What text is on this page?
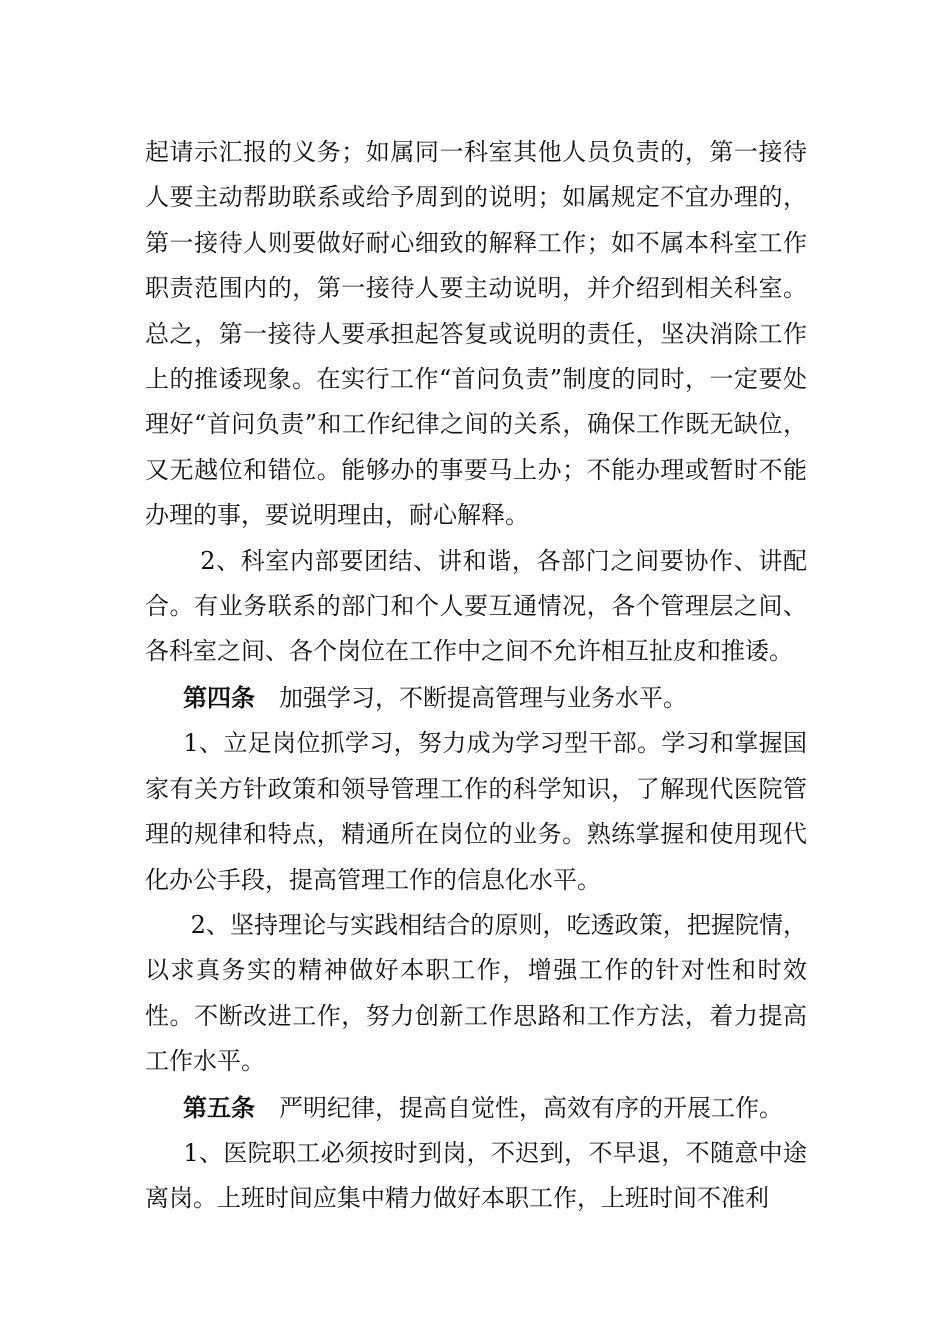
起请示汇报的义务；如属同一科室其他人员负责的，第一接待人要主动帮助联系或给予周到的说明；如属规定不宜办理的，第一接待人则要做好耐心细致的解释工作；如不属本科室工作职责范围内的，第一接待人要主动说明，并介绍到相关科室。总之，第一接待人要承担起答复或说明的责任，坚决消除工作上的推诿现象。在实行工作“首问负责”制度的同时，一定要处理好“首问负责”和工作纪律之间的关系，确保工作既无缺位，又无越位和错位。能够办的事要马上办；不能办理或暂时不能办理的事，要说明理由，耐心解释。

2、科室内部要团结、讲和谐，各部门之间要协作、讲配合。有业务联系的部门和个人要互通情况，各个管理层之间、各科室之间、各个岗位在工作中之间不允许相互扯皮和推诿。

第四条 加强学习，不断提高管理与业务水平。

1、立足岗位抓学习，努力成为学习型干部。学习和掌握国家有关方针政策和领导管理工作的科学知识，了解现代医院管理的规律和特点，精通所在岗位的业务。熟练掌握和使用现代化办公手段，提高管理工作的信息化水平。

2、坚持理论与实践相结合的原则，吃透政策，把握院情，以求真务实的精神做好本职工作，增强工作的针对性和时效性。不断改进工作，努力创新工作思路和工作方法，着力提高工作水平。

第五条 严明纪律，提高自觉性，高效有序的开展工作。

1、医院职工必须按时到岗，不迟到，不早退，不随意中途离岗。上班时间应集中精力做好本职工作，上班时间不准利
